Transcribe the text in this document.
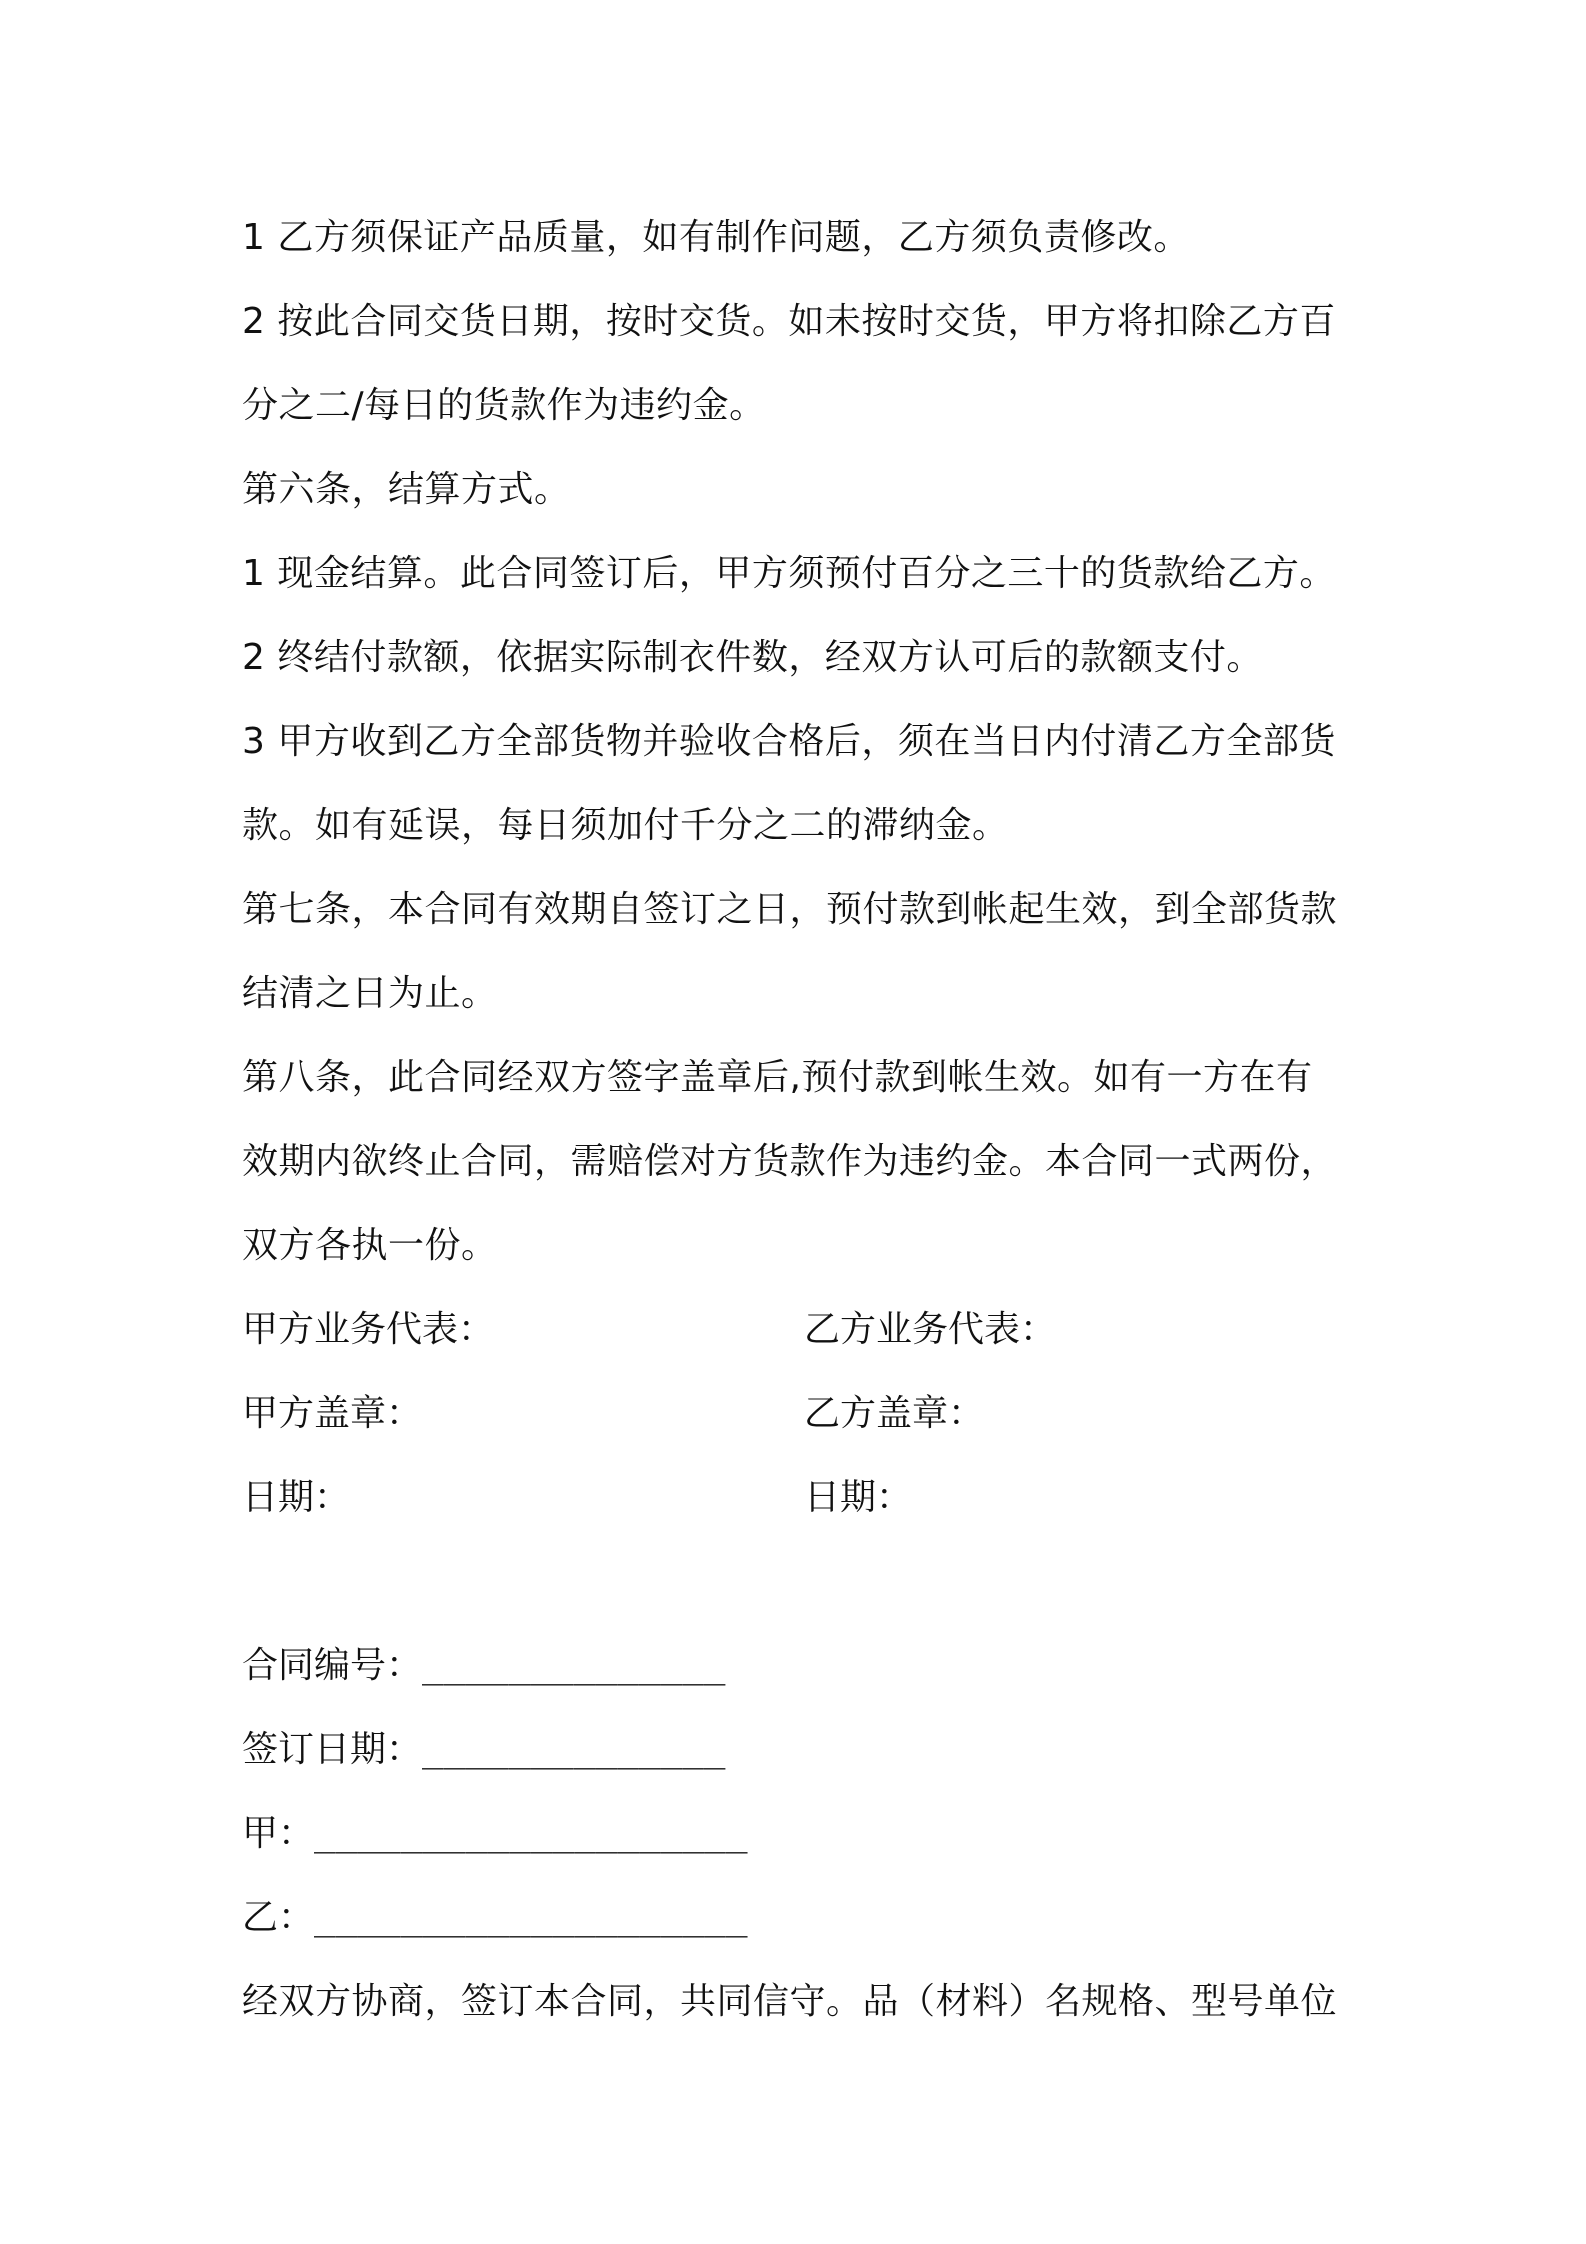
1 乙方须保证产品质量，如有制作问题，乙方须负责修改。
2 按此合同交货日期，按时交货。如未按时交货，甲方将扣除乙方百
分之二/每日的货款作为违约金。
第六条，结算方式。
1 现金结算。此合同签订后，甲方须预付百分之三十的货款给乙方。
2 终结付款额，依据实际制衣件数，经双方认可后的款额支付。
3 甲方收到乙方全部货物并验收合格后，须在当日内付清乙方全部货
款。如有延误，每日须加付千分之二的滞纳金。
第七条，本合同有效期自签订之日，预付款到帐起生效，到全部货款
结清之日为止。
第八条，此合同经双方签字盖章后,预付款到帐生效。如有一方在有
效期内欲终止合同，需赔偿对方货款作为违约金。本合同一式两份，
双方各执一份。
甲方业务代表：	乙方业务代表：
甲方盖章：	乙方盖章：
日期：	日期：
合同编号：______________
签订日期：______________
甲：____________________
乙：____________________
经双方协商，签订本合同，共同信守。品（材料）名规格、型号单位
